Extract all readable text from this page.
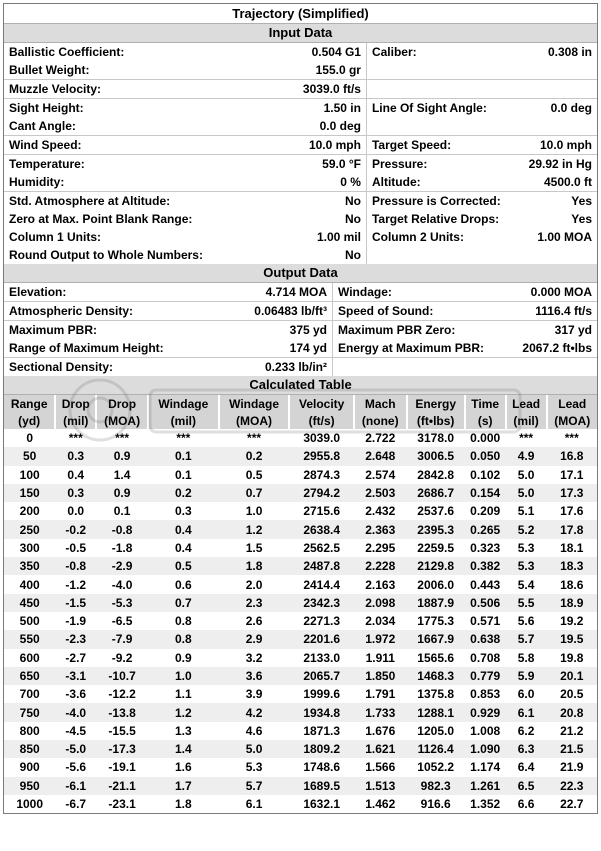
Trajectory (Simplified)
Input Data
Ballistic Coefficient:	0.504 G1	Caliber:	0.308 in
Bullet Weight:	155.0 gr		
Muzzle Velocity:	3039.0 ft/s		
Sight Height:	1.50 in	Line Of Sight Angle:	0.0 deg
Cant Angle:	0.0 deg		
Wind Speed:	10.0 mph	Target Speed:	10.0 mph
Temperature:	59.0 °F	Pressure:	29.92 in Hg
Humidity:	0 %	Altitude:	4500.0 ft
Std. Atmosphere at Altitude:	No	Pressure is Corrected:	Yes
Zero at Max. Point Blank Range:	No	Target Relative Drops:	Yes
Column 1 Units:	1.00 mil	Column 2 Units:	1.00 MOA
Round Output to Whole Numbers:	No		
Output Data
Elevation:	4.714 MOA	Windage:	0.000 MOA
Atmospheric Density:	0.06483 lb/ft³	Speed of Sound:	1116.4 ft/s
Maximum PBR:	375 yd	Maximum PBR Zero:	317 yd
Range of Maximum Height:	174 yd	Energy at Maximum PBR:	2067.2 ft•lbs
Sectional Density:	0.233 lb/in²		
Calculated Table
Range	Drop	Drop	Windage	Windage	Velocity	Mach	Energy	Time	Lead	Lead
(yd)	(mil)	(MOA)	(mil)	(MOA)	(ft/s)	(none)	(ft•lbs)	(s)	(mil)	(MOA)
0	***	***	***	***	3039.0	2.722	3178.0	0.000	***	***
50	0.3	0.9	0.1	0.2	2955.8	2.648	3006.5	0.050	4.9	16.8
100	0.4	1.4	0.1	0.5	2874.3	2.574	2842.8	0.102	5.0	17.1
150	0.3	0.9	0.2	0.7	2794.2	2.503	2686.7	0.154	5.0	17.3
200	0.0	0.1	0.3	1.0	2715.6	2.432	2537.6	0.209	5.1	17.6
250	-0.2	-0.8	0.4	1.2	2638.4	2.363	2395.3	0.265	5.2	17.8
300	-0.5	-1.8	0.4	1.5	2562.5	2.295	2259.5	0.323	5.3	18.1
350	-0.8	-2.9	0.5	1.8	2487.8	2.228	2129.8	0.382	5.3	18.3
400	-1.2	-4.0	0.6	2.0	2414.4	2.163	2006.0	0.443	5.4	18.6
450	-1.5	-5.3	0.7	2.3	2342.3	2.098	1887.9	0.506	5.5	18.9
500	-1.9	-6.5	0.8	2.6	2271.3	2.034	1775.3	0.571	5.6	19.2
550	-2.3	-7.9	0.8	2.9	2201.6	1.972	1667.9	0.638	5.7	19.5
600	-2.7	-9.2	0.9	3.2	2133.0	1.911	1565.6	0.708	5.8	19.8
650	-3.1	-10.7	1.0	3.6	2065.7	1.850	1468.3	0.779	5.9	20.1
700	-3.6	-12.2	1.1	3.9	1999.6	1.791	1375.8	0.853	6.0	20.5
750	-4.0	-13.8	1.2	4.2	1934.8	1.733	1288.1	0.929	6.1	20.8
800	-4.5	-15.5	1.3	4.6	1871.3	1.676	1205.0	1.008	6.2	21.2
850	-5.0	-17.3	1.4	5.0	1809.2	1.621	1126.4	1.090	6.3	21.5
900	-5.6	-19.1	1.6	5.3	1748.6	1.566	1052.2	1.174	6.4	21.9
950	-6.1	-21.1	1.7	5.7	1689.5	1.513	982.3	1.261	6.5	22.3
1000	-6.7	-23.1	1.8	6.1	1632.1	1.462	916.6	1.352	6.6	22.7
